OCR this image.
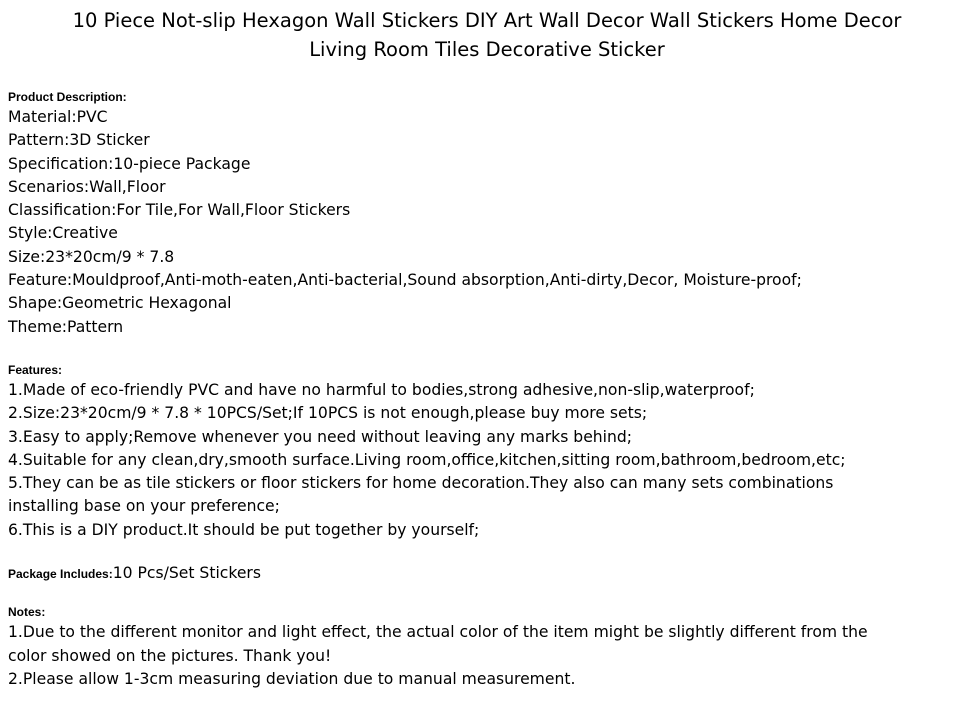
10 Piece Not-slip Hexagon Wall Stickers DIY Art Wall Decor Wall Stickers Home Decor
Living Room Tiles Decorative Sticker
Product Description:
Material:PVC
Pattern:3D Sticker
Specification:10-piece Package
Scenarios:Wall,Floor
Classification:For Tile,For Wall,Floor Stickers
Style:Creative
Size:23*20cm/9 * 7.8
Feature:Mouldproof,Anti-moth-eaten,Anti-bacterial,Sound absorption,Anti-dirty,Decor, Moisture-proof;
Shape:Geometric Hexagonal
Theme:Pattern
Features:
1.Made of eco-friendly PVC and have no harmful to bodies,strong adhesive,non-slip,waterproof;
2.Size:23*20cm/9 * 7.8 * 10PCS/Set;If 10PCS is not enough,please buy more sets;
3.Easy to apply;Remove whenever you need without leaving any marks behind;
4.Suitable for any clean,dry,smooth surface.Living room,office,kitchen,sitting room,bathroom,bedroom,etc;
5.They can be as tile stickers or floor stickers for home decoration.They also can many sets combinations
installing base on your preference;
6.This is a DIY product.It should be put together by yourself;
Package Includes:10 Pcs/Set Stickers
Notes:
1.Due to the different monitor and light effect, the actual color of the item might be slightly different from the
color showed on the pictures. Thank you!
2.Please allow 1-3cm measuring deviation due to manual measurement.
